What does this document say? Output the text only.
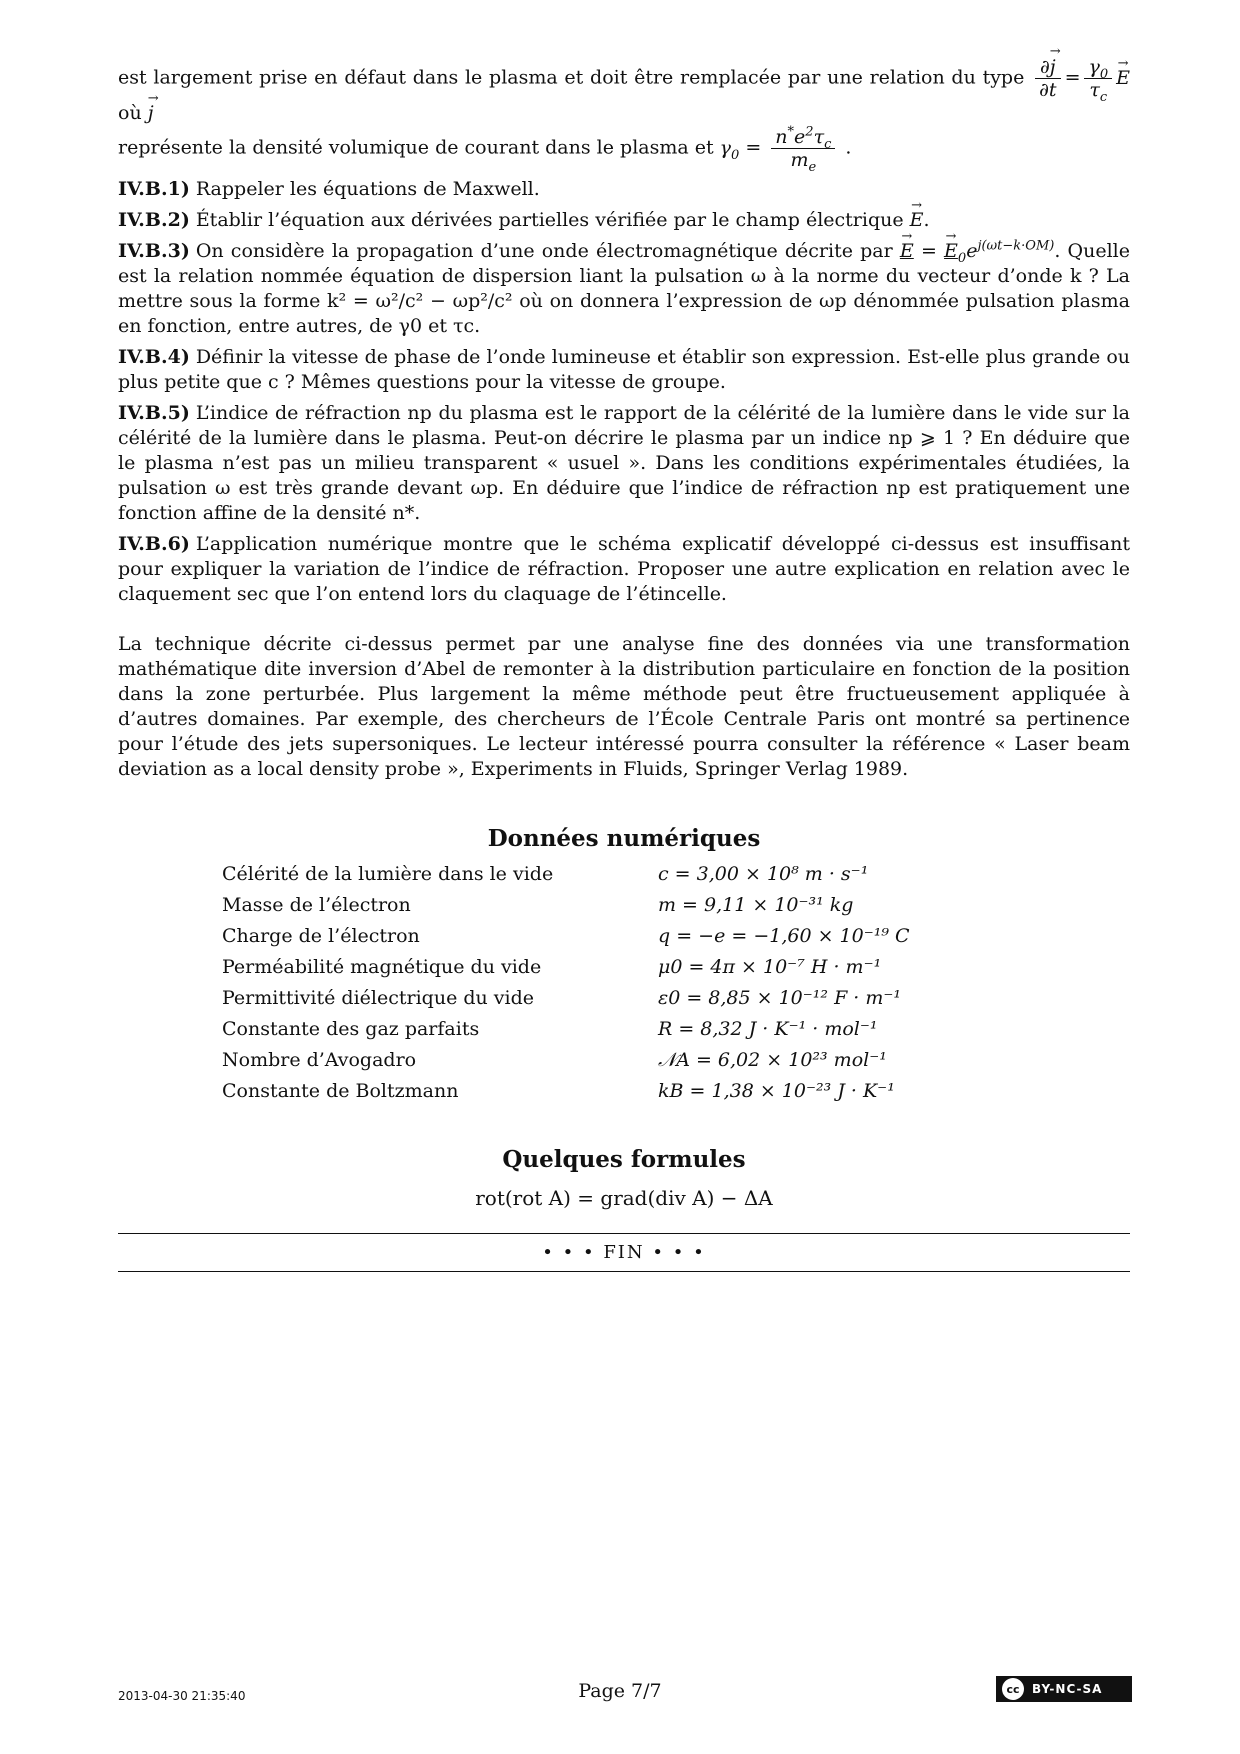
est largement prise en défaut dans le plasma et doit être remplacée par une relation du type $\frac{\partial\to j}{\partial t} = \frac{\gamma_0}{\tau_c} \to E$ où → j
représente la densité volumique de courant dans le plasma et $\gamma_0 = \frac{n^*e^2\tau_c}{m_e}$ .

IV.B.1) Rappeler les équations de Maxwell.

IV.B.2) Établir l’équation aux dérivées partielles vérifiée par le champ électrique → E.

IV.B.3) On considère la propagation d’une onde électromagnétique décrite par → E = → $E_0e^{j(\omega t-k\cdot OM)}$. Quelle est la relation nommée équation de dispersion liant la pulsation ω à la norme du vecteur d’onde k ? La mettre sous la forme k² = ω²/c² − ωp²/c² où on donnera l’expression de ωp dénommée pulsation plasma en fonction, entre autres, de γ0 et τc.

IV.B.4) Définir la vitesse de phase de l’onde lumineuse et établir son expression. Est-elle plus grande ou plus petite que c ? Mêmes questions pour la vitesse de groupe.

IV.B.5) L’indice de réfraction np du plasma est le rapport de la célérité de la lumière dans le vide sur la célérité de la lumière dans le plasma. Peut-on décrire le plasma par un indice np ⩾ 1 ? En déduire que le plasma n’est pas un milieu transparent « usuel ». Dans les conditions expérimentales étudiées, la pulsation ω est très grande devant ωp. En déduire que l’indice de réfraction np est pratiquement une fonction affine de la densité n*.

IV.B.6) L’application numérique montre que le schéma explicatif développé ci-dessus est insuffisant pour expliquer la variation de l’indice de réfraction. Proposer une autre explication en relation avec le claquement sec que l’on entend lors du claquage de l’étincelle.

La technique décrite ci-dessus permet par une analyse fine des données via une transformation mathématique dite inversion d’Abel de remonter à la distribution particulaire en fonction de la position dans la zone perturbée. Plus largement la même méthode peut être fructueusement appliquée à d’autres domaines. Par exemple, des chercheurs de l’École Centrale Paris ont montré sa pertinence pour l’étude des jets supersoniques. Le lecteur intéressé pourra consulter la référence « Laser beam deviation as a local density probe », Experiments in Fluids, Springer Verlag 1989.

Données numériques
Célérité de la lumière dans le vide	c = 3,00 × 10⁸ m · s⁻¹
Masse de l’électron	m = 9,11 × 10⁻³¹ kg
Charge de l’électron	q = −e = −1,60 × 10⁻¹⁹ C
Perméabilité magnétique du vide	μ0 = 4π × 10⁻⁷ H · m⁻¹
Permittivité diélectrique du vide	ε0 = 8,85 × 10⁻¹² F · m⁻¹
Constante des gaz parfaits	R = 8,32 J · K⁻¹ · mol⁻¹
Nombre d’Avogadro	𝒩A = 6,02 × 10²³ mol⁻¹
Constante de Boltzmann	kB = 1,38 × 10⁻²³ J · K⁻¹
Quelques formules
rot(rot A) = grad(div A) − ΔA
• • • FIN • • •
2013-04-30 21:35:40	Page 7/7	cc	BY-NC-SA
